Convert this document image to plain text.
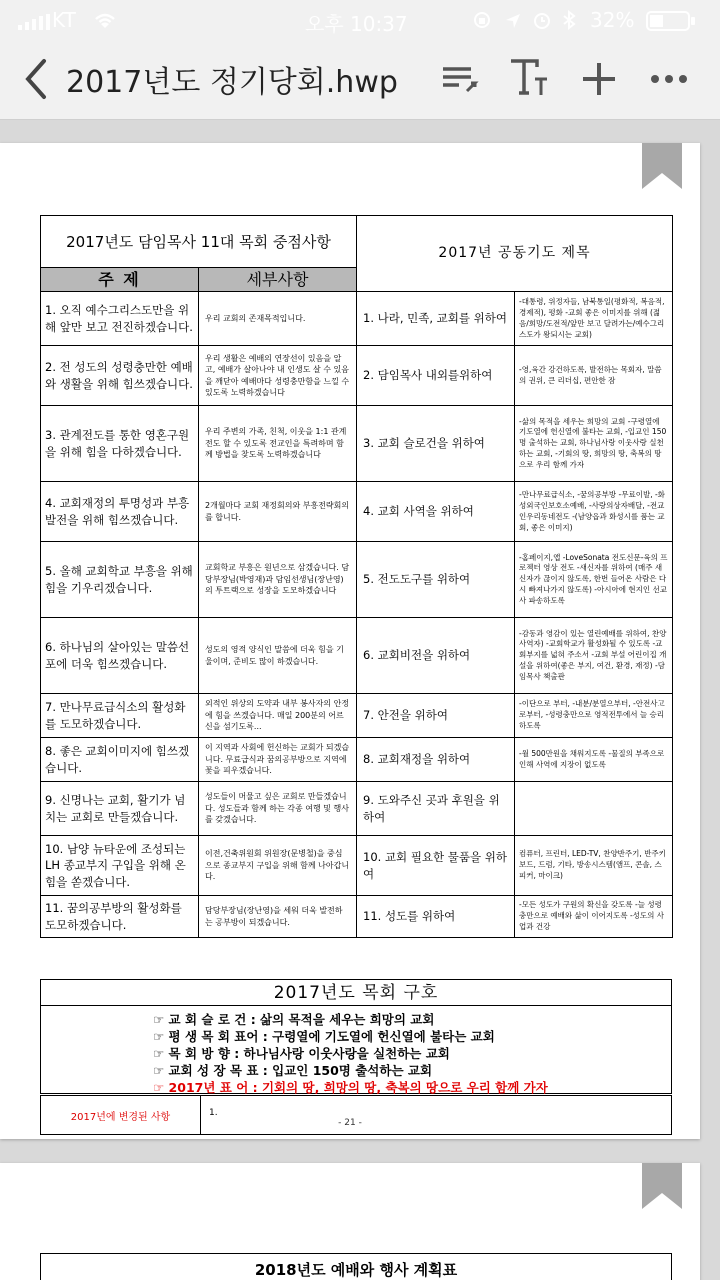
KT	오후 10:37	32%
2017년도 정기당회.hwp
2017년도 담임목사 11대 목회 중점사항		2017년 공동기도 제목	
주 제	세부사항		
1. 오직 예수그리스도만을 위해 앞만 보고 전진하겠습니다.	우리 교회의 존재목적입니다.	1. 나라, 민족, 교회를 위하여	-대통령, 위정자들, 남북통일(평화적, 복음적, 경제적), 평화 -교회 좋은 이미지를 위해 (젊음/희망/도전적/앞만 보고 달려가는/예수그리스도가 왕되시는 교회)
2. 전 성도의 성령충만한 예배와 생활을 위해 힘쓰겠습니다.	우리 생활은 예배의 연장선이 있음을 알고, 예배가 살아나야 내 인생도 살 수 있음을 깨닫아 예배마다 성령충만함을 느낄 수 있도록 노력하겠습니다	2. 담임목사 내외를위하여	-영,육간 강건하도록, 발전하는 목회자, 말씀의 권위, 큰 리더십, 편안한 잠
3. 관계전도를 통한 영혼구원을 위해 힘을 다하겠습니다.	우리 주변의 가족, 친척, 이웃을 1:1 관계전도 할 수 있도록 전교인을 특려하며 함께 방법을 찾도록 노력하겠습니다	3. 교회 슬로건을 위하여	-삶의 목적을 세우는 희망의 교회 -구령열에 기도열에 헌신열에 불타는 교회, -입교인 150명 출석하는 교회, 하나님사랑 이웃사랑 실천하는 교회, -기회의 땅, 희망의 땅, 축복의 땅으로 우리 함께 가자
4. 교회재정의 투명성과 부흥발전을 위해 힘쓰겠습니다.	2개월마다 교회 재정회의와 부흥전략회의를 합니다.	4. 교회 사역을 위하여	-만나무료급식소, -꿈의공부방 -무료이발, -화성외국인보호소예배, -사랑의상자배달, -전교인우리동네전도 -(남양읍과 화성시를 품는 교회, 좋은 이미지)
5. 올해 교회학교 부흥을 위해 힘을 기우리겠습니다.	교회학교 부흥은 원년으로 삼겠습니다. 담당부장님(박영재)과 담임선생님(장난영)의 투트랙으로 성장을 도모하겠습니다	5. 전도도구를 위하여	-홈페이지,앱 -LoveSonata 전도신문-육의 프로젝터 영상 전도 -새신자를 위하여 (매주 새신자가 끊이지 않도록, 한번 들어온 사람은 다시 빠져나가지 않도록) -아시아에 현지인 선교사 파송하도록
6. 하나님의 살아있는 말씀선포에 더욱 힘쓰겠습니다.	성도의 영적 양식인 말씀에 더욱 힘을 기울이며, 준비도 많이 하겠습니다.	6. 교회비전을 위하여	-감동과 영감이 있는 열린예배를 위하여, 찬양사역자) -교회학교가 활성화될 수 있도록 -교회부지를 넓혀 주소서 -교회 부설 어린이집 개설을 위하여(좋은 부지, 여건, 환경, 재정) -담임목사 책출판
7. 만나무료급식소의 활성화를 도모하겠습니다.	외적인 위상의 도약과 내부 봉사자의 안정에 힘을 쓰겠습니다. 매일 200분의 어르신을 섬기도록...	7. 안전을 위하여	-이단으로 부터, -내분/분열으부터, -안전사고로부터, -성령충만으로 영적전투에서 늘 승리하도록
8. 좋은 교회이미지에 힘쓰겠습니다.	이 지역과 사회에 헌신하는 교회가 되겠습니다. 무료급식과 꿈의공부방으로 지역에 꽃을 피우겠습니다.	8. 교회재정을 위하여	-월 500만원을 채워지도록 -물질의 부족으로 인해 사역에 지장이 없도록
9. 신명나는 교회, 활기가 넘치는 교회로 만들겠습니다.	성도들이 머물고 싶은 교회로 만들겠습니다. 성도들과 함께 하는 각종 여행 및 행사를 갖겠습니다.	9. 도와주신 곳과 후원을 위하여	
10. 남양 뉴타운에 조성되는 LH 종교부지 구입을 위해 온 힘을 쏟겠습니다.	이전,건축위원회 위원장(문병철)을 중심으로 종교부지 구입을 위해 함께 나아갑니다.	10. 교회 필요한 물품을 위하여	컴퓨터, 프린터, LED-TV, 찬양반주기, 반주키보드, 드럼, 기타, 방송시스템(앰프, 콘솔, 스피커, 마이크)
11. 꿈의공부방의 활성화를 도모하겠습니다.	담당부장님(장난영)을 세워 더욱 발전하는 공부방이 되겠습니다.	11. 성도를 위하여	-모든 성도가 구원의 확신을 갖도록 -늘 성령충만으로 예배와 삶이 이어지도록 -성도의 사업과 건강
2017년도 목회 구호
☞ 교 회 슬 로 건 : 삶의 목적을 세우는 희망의 교회
☞ 평 생 목 회 표어 : 구령열에 기도열에 헌신열에 불타는 교회
☞ 목 회 방 향 : 하나님사랑 이웃사랑을 실천하는 교회
☞ 교회 성 장 목 표 : 입교인 150명 출석하는 교회
☞ 2017년 표 어 : 기회의 땅, 희망의 땅, 축복의 땅으로 우리 함께 가자
2017년에 변경된 사항	1.
- 21 -
2018년도 예배와 행사 계획표
